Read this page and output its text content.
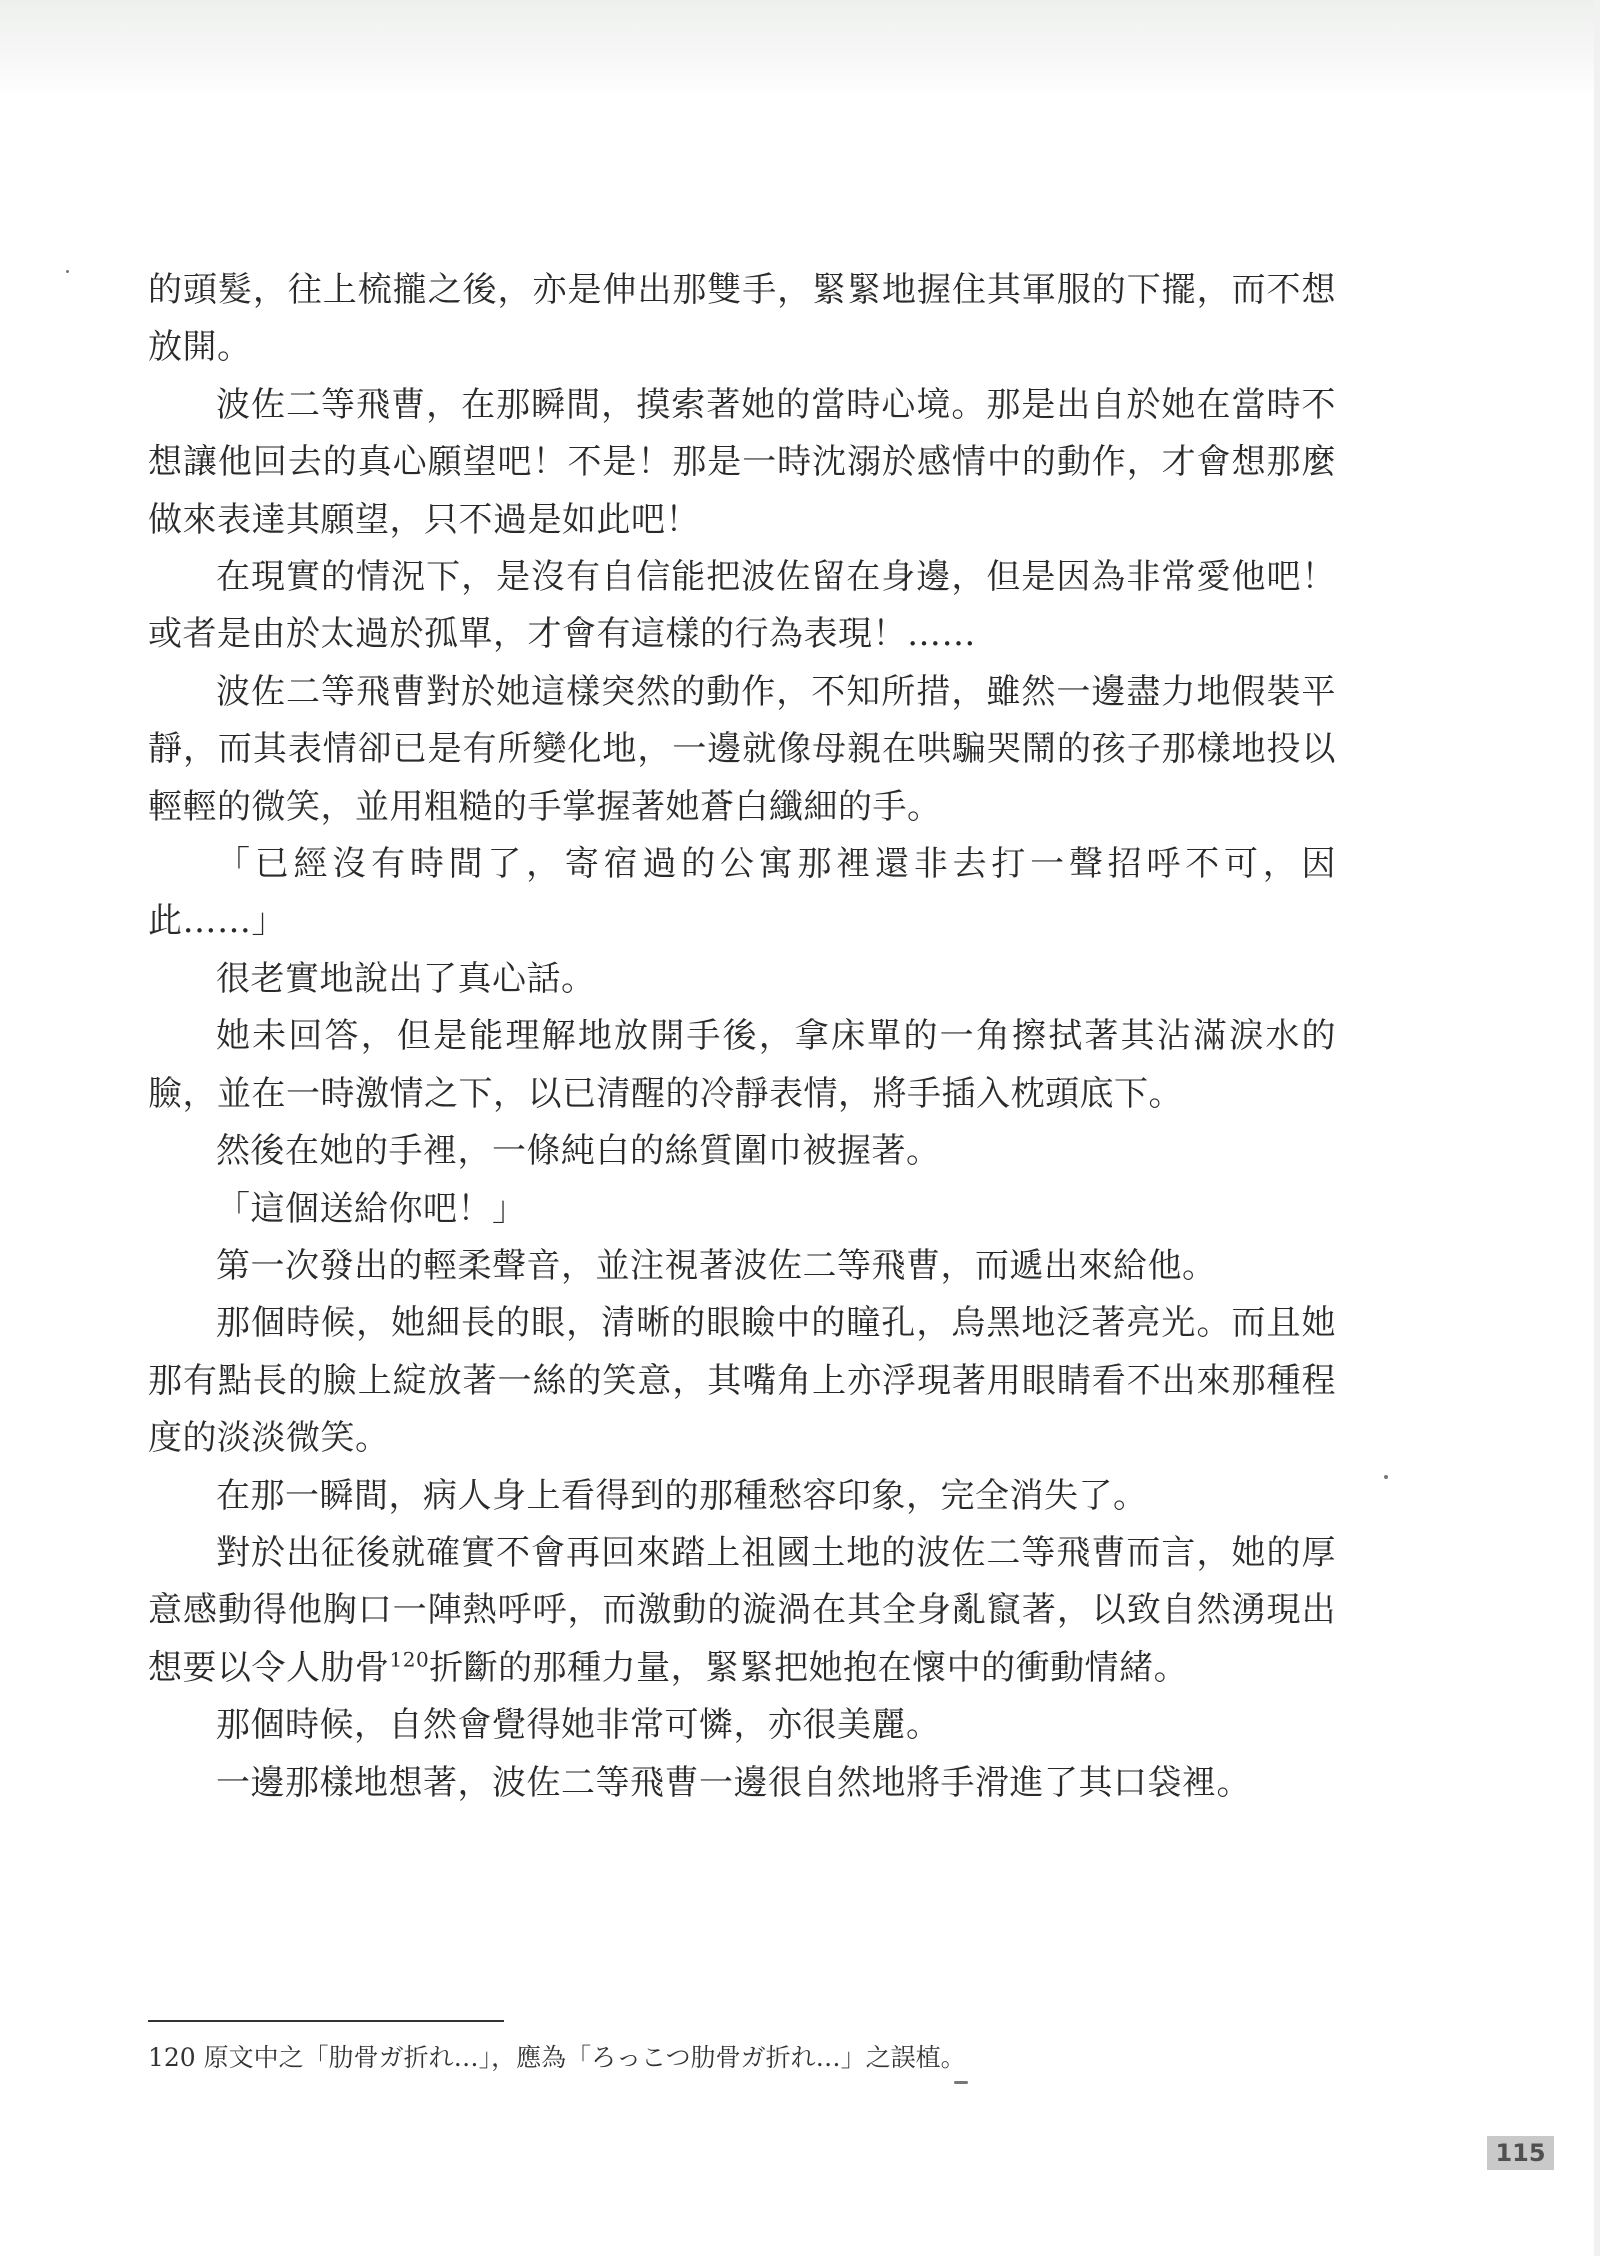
的頭髮，往上梳攏之後，亦是伸出那雙手，緊緊地握住其軍服的下擺，而不想放開。

波佐二等飛曹，在那瞬間，摸索著她的當時心境。那是出自於她在當時不想讓他回去的真心願望吧！不是！那是一時沈溺於感情中的動作，才會想那麼做來表達其願望，只不過是如此吧！

在現實的情況下，是沒有自信能把波佐留在身邊，但是因為非常愛他吧！或者是由於太過於孤單，才會有這樣的行為表現！……

波佐二等飛曹對於她這樣突然的動作，不知所措，雖然一邊盡力地假裝平靜，而其表情卻已是有所變化地，一邊就像母親在哄騙哭鬧的孩子那樣地投以輕輕的微笑，並用粗糙的手掌握著她蒼白纖細的手。

「已經沒有時間了，寄宿過的公寓那裡還非去打一聲招呼不可，因此……」

很老實地說出了真心話。

她未回答，但是能理解地放開手後，拿床單的一角擦拭著其沾滿淚水的臉，並在一時激情之下，以已清醒的冷靜表情，將手插入枕頭底下。

然後在她的手裡，一條純白的絲質圍巾被握著。

「這個送給你吧！」

第一次發出的輕柔聲音，並注視著波佐二等飛曹，而遞出來給他。

那個時候，她細長的眼，清晰的眼瞼中的瞳孔，烏黑地泛著亮光。而且她那有點長的臉上綻放著一絲的笑意，其嘴角上亦浮現著用眼睛看不出來那種程度的淡淡微笑。

在那一瞬間，病人身上看得到的那種愁容印象，完全消失了。

對於出征後就確實不會再回來踏上祖國土地的波佐二等飛曹而言，她的厚意感動得他胸口一陣熱呼呼，而激動的漩渦在其全身亂竄著，以致自然湧現出想要以令人肋骨$^{120}$折斷的那種力量，緊緊把她抱在懷中的衝動情緒。

那個時候，自然會覺得她非常可憐，亦很美麗。

一邊那樣地想著，波佐二等飛曹一邊很自然地將手滑進了其口袋裡。

120 原文中之「肋骨ガ折れ…」，應為「ろっこつ肋骨ガ折れ…」之誤植。
115
